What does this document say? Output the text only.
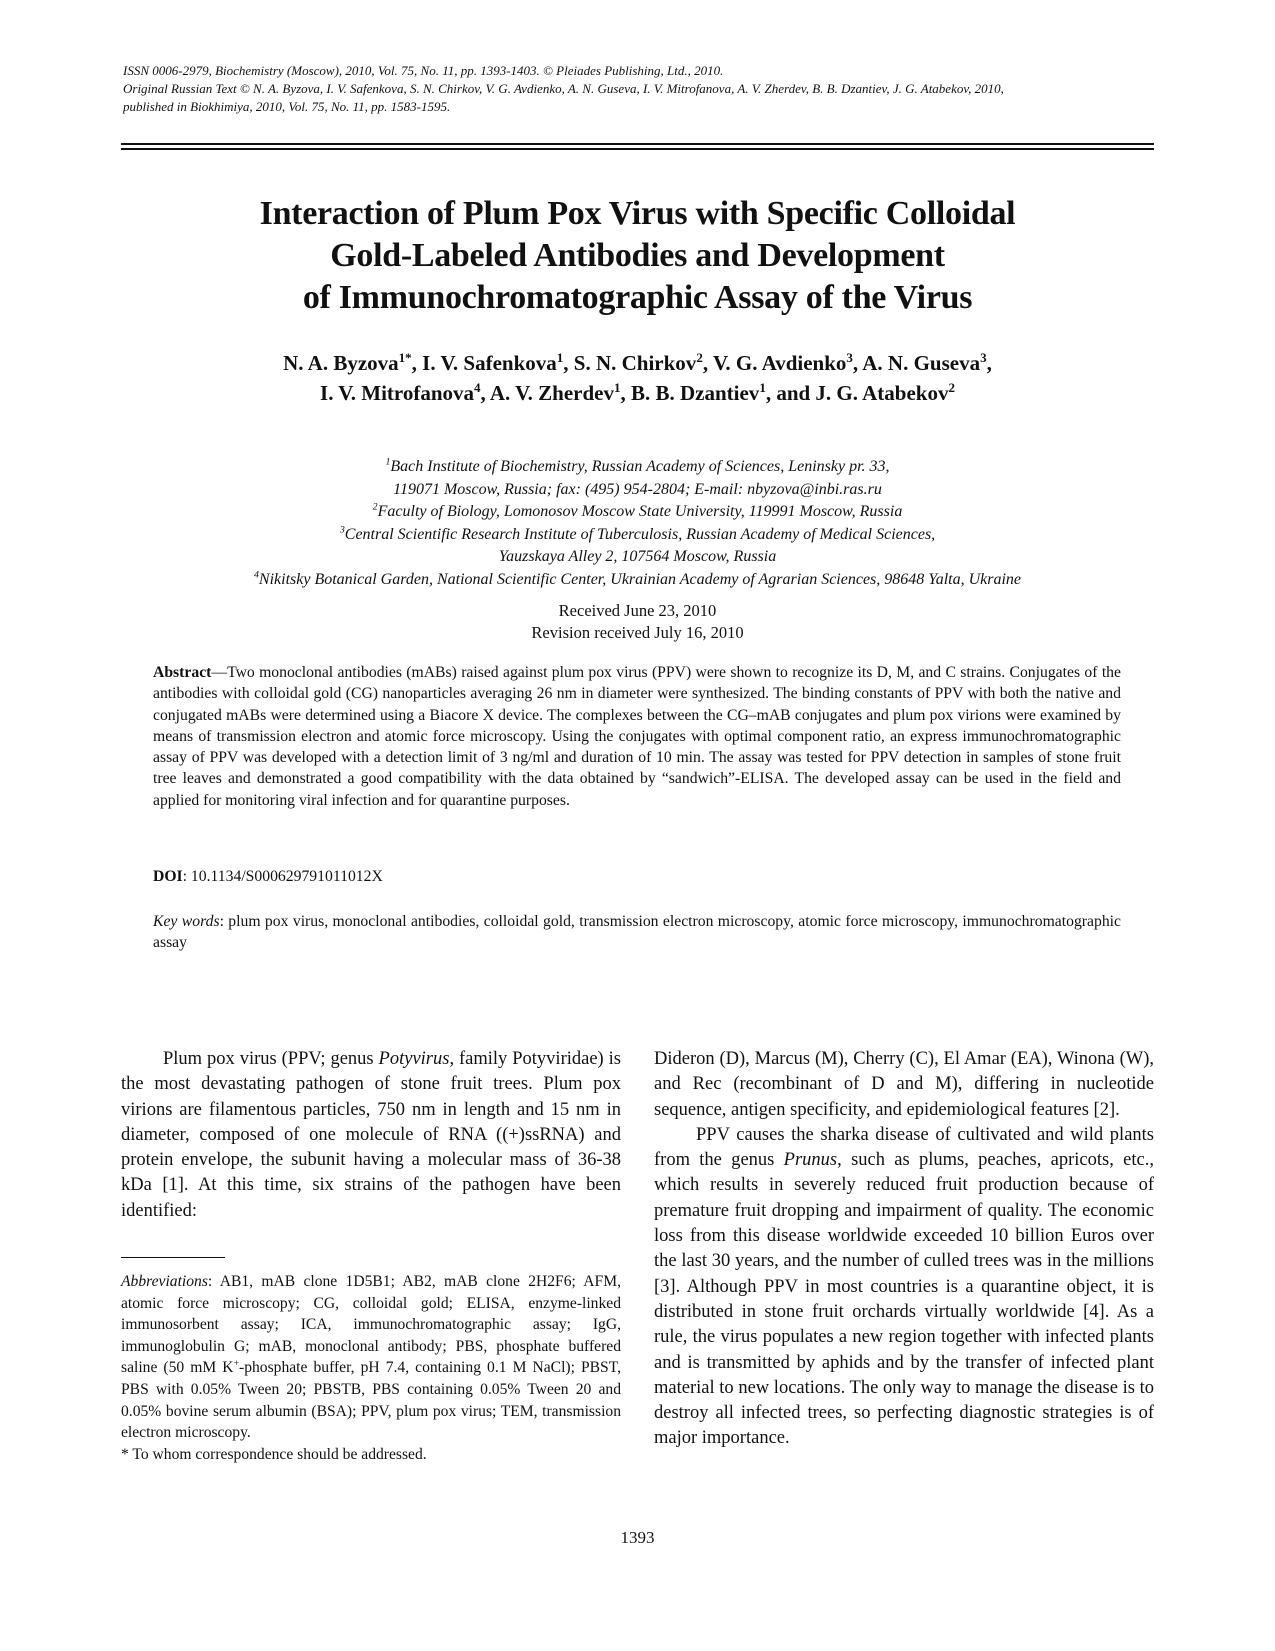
ISSN 0006-2979, Biochemistry (Moscow), 2010, Vol. 75, No. 11, pp. 1393-1403. © Pleiades Publishing, Ltd., 2010.
Original Russian Text © N. A. Byzova, I. V. Safenkova, S. N. Chirkov, V. G. Avdienko, A. N. Guseva, I. V. Mitrofanova, A. V. Zherdev, B. B. Dzantiev, J. G. Atabekov, 2010,
published in Biokhimiya, 2010, Vol. 75, No. 11, pp. 1583-1595.
Interaction of Plum Pox Virus with Specific Colloidal
Gold-Labeled Antibodies and Development
of Immunochromatographic Assay of the Virus
N. A. Byzova$^{1*}$, I. V. Safenkova$^1$, S. N. Chirkov$^2$, V. G. Avdienko$^3$, A. N. Guseva$^3$,
I. V. Mitrofanova$^4$, A. V. Zherdev$^1$, B. B. Dzantiev$^1$, and J. G. Atabekov$^2$
$^1$Bach Institute of Biochemistry, Russian Academy of Sciences, Leninsky pr. 33,
119071 Moscow, Russia; fax: (495) 954-2804; E-mail: nbyzova@inbi.ras.ru
$^2$Faculty of Biology, Lomonosov Moscow State University, 119991 Moscow, Russia
$^3$Central Scientific Research Institute of Tuberculosis, Russian Academy of Medical Sciences,
Yauzskaya Alley 2, 107564 Moscow, Russia
$^4$Nikitsky Botanical Garden, National Scientific Center, Ukrainian Academy of Agrarian Sciences, 98648 Yalta, Ukraine
Received June 23, 2010
Revision received July 16, 2010
Abstract—Two monoclonal antibodies (mABs) raised against plum pox virus (PPV) were shown to recognize its D, M, and C strains. Conjugates of the antibodies with colloidal gold (CG) nanoparticles averaging 26 nm in diameter were synthesized. The binding constants of PPV with both the native and conjugated mABs were determined using a Biacore X device. The complexes between the CG–mAB conjugates and plum pox virions were examined by means of transmission electron and atomic force microscopy. Using the conjugates with optimal component ratio, an express immunochromatographic assay of PPV was developed with a detection limit of 3 ng/ml and duration of 10 min. The assay was tested for PPV detection in samples of stone fruit tree leaves and demonstrated a good compatibility with the data obtained by “sandwich”-ELISA. The developed assay can be used in the field and applied for monitoring viral infection and for quarantine purposes.
DOI: 10.1134/S000629791011012X
Key words: plum pox virus, monoclonal antibodies, colloidal gold, transmission electron microscopy, atomic force microscopy, immunochromatographic assay

Plum pox virus (PPV; genus Potyvirus, family Potyviridae) is the most devastating pathogen of stone fruit trees. Plum pox virions are filamentous particles, 750 nm in length and 15 nm in diameter, composed of one molecule of RNA ((+)ssRNA) and protein envelope, the subunit having a molecular mass of 36-38 kDa [1]. At this time, six strains of the pathogen have been identified:

Abbreviations: AB1, mAB clone 1D5B1; AB2, mAB clone 2H2F6; AFM, atomic force microscopy; CG, colloidal gold; ELISA, enzyme-linked immunosorbent assay; ICA, immunochromatographic assay; IgG, immunoglobulin G; mAB, monoclonal antibody; PBS, phosphate buffered saline (50 mM K+-phosphate buffer, pH 7.4, containing 0.1 M NaCl); PBST, PBS with 0.05% Tween 20; PBSTB, PBS containing 0.05% Tween 20 and 0.05% bovine serum albumin (BSA); PPV, plum pox virus; TEM, transmission electron microscopy.

* To whom correspondence should be addressed.

Dideron (D), Marcus (M), Cherry (C), El Amar (EA), Winona (W), and Rec (recombinant of D and M), differing in nucleotide sequence, antigen specificity, and epidemiological features [2].

PPV causes the sharka disease of cultivated and wild plants from the genus Prunus, such as plums, peaches, apricots, etc., which results in severely reduced fruit production because of premature fruit dropping and impairment of quality. The economic loss from this disease worldwide exceeded 10 billion Euros over the last 30 years, and the number of culled trees was in the millions [3]. Although PPV in most countries is a quarantine object, it is distributed in stone fruit orchards virtually worldwide [4]. As a rule, the virus populates a new region together with infected plants and is transmitted by aphids and by the transfer of infected plant material to new locations. The only way to manage the disease is to destroy all infected trees, so perfecting diagnostic strategies is of major importance.

1393
